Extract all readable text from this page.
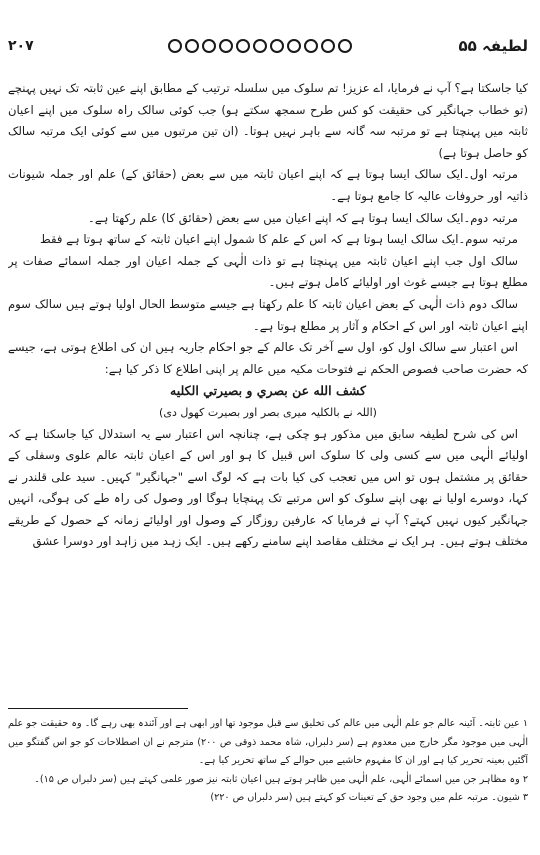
۲۰۷	لطیفہ ۵۵

کیا جاسکتا ہے؟ آپ نے فرمایا، اے عزیز! تم سلوک میں سلسلہ ترتیب کے مطابق اپنے عین ثابتہ تک نہیں پہنچے (تو خطاب جہانگیر کی حقیقت کو کس طرح سمجھ سکتے ہو) جب کوئی سالک راہ سلوک میں اپنے اعیان ثابتہ میں پہنچتا ہے تو مرتبہ سہ گانہ سے باہر نہیں ہوتا۔ (ان تین مرتبوں میں سے کوئی ایک مرتبہ سالک کو حاصل ہوتا ہے)

مرتبہ اول۔ایک سالک ایسا ہوتا ہے کہ اپنے اعیان ثابتہ میں سے بعض (حقائق کے) علم اور جملہ شیونات ذاتیہ اور حروفات عالیہ کا جامع ہوتا ہے۔

مرتبہ دوم۔ایک سالک ایسا ہوتا ہے کہ اپنے اعیان میں سے بعض (حقائق کا) علم رکھتا ہے۔

مرتبہ سوم۔ایک سالک ایسا ہوتا ہے کہ اس کے علم کا شمول اپنے اعیان ثابتہ کے ساتھ ہوتا ہے فقط

سالک اول جب اپنے اعیان ثابتہ میں پہنچتا ہے تو ذات الٰہی کے جملہ اعیان اور جملہ اسمائے صفات پر مطلع ہوتا ہے جیسے غوث اور اولیائے کامل ہوتے ہیں۔

سالک دوم ذات الٰہی کے بعض اعیان ثابتہ کا علم رکھتا ہے جیسے متوسط الحال اولیا ہوتے ہیں سالک سوم اپنے اعیان ثابتہ اور اس کے احکام و آثار پر مطلع ہوتا ہے۔

اس اعتبار سے سالک اول کو، اول سے آخر تک عالم کے جو احکام جاریہ ہیں ان کی اطلاع ہوتی ہے، جیسے کہ حضرت صاحب فصوص الحکم نے فتوحات مکیہ میں عالم پر اپنی اطلاع کا ذکر کیا ہے:

كشف الله عن بصري و بصيرتي الكليه

(اللہ نے بالکلیہ میری بصر اور بصیرت کھول دی)

اس کی شرح لطیفہ سابق میں مذکور ہو چکی ہے، چنانچہ اس اعتبار سے یہ استدلال کیا جاسکتا ہے کہ اولیائے الٰہی میں سے کسی ولی کا سلوک اس قبیل کا ہو اور اس کے اعیان ثابتہ عالم علوی وسفلی کے حقائق پر مشتمل ہوں تو اس میں تعجب کی کیا بات ہے کہ لوگ اسے "جہانگیر" کہیں۔ سید علی قلندر نے کہا، دوسرے اولیا نے بھی اپنے سلوک کو اس مرتبے تک پہنچایا ہوگا اور وصول کی راہ طے کی ہوگی، انہیں جہانگیر کیوں نہیں کہتے؟ آپ نے فرمایا کہ عارفین روزگار کے وصول اور اولیائے زمانہ کے حصول کے طریقے مختلف ہوتے ہیں۔ ہر ایک نے مختلف مقاصد اپنے سامنے رکھے ہیں۔ ایک زہد میں زاہد اور دوسرا عشق

۱ عین ثابتہ۔ آئینہ عالم جو علم الٰہی میں عالم کی تخلیق سے قبل موجود تھا اور ابھی ہے اور آئندہ بھی رہے گا۔ وہ حقیقت جو علم الٰہی میں موجود مگر خارج میں معدوم ہے (سر دلبراں، شاہ محمد ذوقی ص ۲۰۰) مترجم نے ان اصطلاحات کو جو اس گفتگو میں آگئیں بعینہ تحریر کیا ہے اور ان کا مفہوم حاشیے میں حوالے کے ساتھ تحریر کیا ہے۔

۲ وہ مظاہر جن میں اسمائے الٰہی، علم الٰہی میں ظاہر ہوتے ہیں اعیان ثابتہ نیز صور علمی کہتے ہیں (سر دلبراں ص ۱۵)۔

۳ شیون۔ مرتبہ علم میں وجود حق کے تعینات کو کہتے ہیں (سر دلبراں ص ۲۲۰)
